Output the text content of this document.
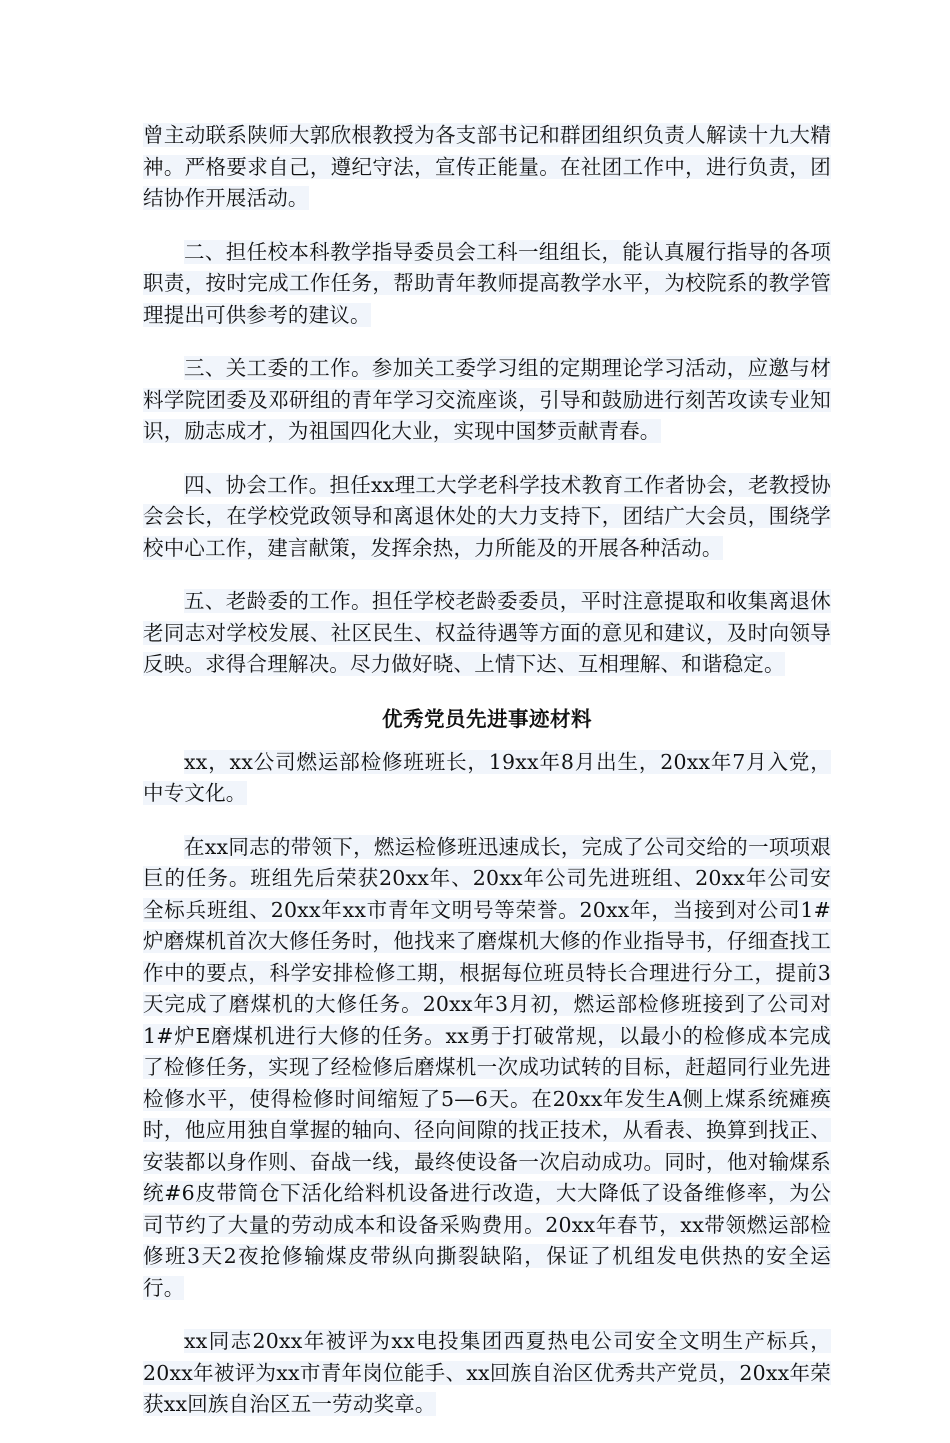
曾主动联系陕师大郭欣根教授为各支部书记和群团组织负责人解读十九大精神。严格要求自己，遵纪守法，宣传正能量。在社团工作中，进行负责，团结协作开展活动。

二、担任校本科教学指导委员会工科一组组长，能认真履行指导的各项职责，按时完成工作任务，帮助青年教师提高教学水平，为校院系的教学管理提出可供参考的建议。

三、关工委的工作。参加关工委学习组的定期理论学习活动，应邀与材料学院团委及邓研组的青年学习交流座谈，引导和鼓励进行刻苦攻读专业知识，励志成才，为祖国四化大业，实现中国梦贡献青春。

四、协会工作。担任xx理工大学老科学技术教育工作者协会，老教授协会会长，在学校党政领导和离退休处的大力支持下，团结广大会员，围绕学校中心工作，建言献策，发挥余热，力所能及的开展各种活动。

五、老龄委的工作。担任学校老龄委委员，平时注意提取和收集离退休老同志对学校发展、社区民生、权益待遇等方面的意见和建议，及时向领导反映。求得合理解决。尽力做好晓、上情下达、互相理解、和谐稳定。

优秀党员先进事迹材料

xx，xx公司燃运部检修班班长，19xx年8月出生，20xx年7月入党，中专文化。

在xx同志的带领下，燃运检修班迅速成长，完成了公司交给的一项项艰巨的任务。班组先后荣获20xx年、20xx年公司先进班组、20xx年公司安全标兵班组、20xx年xx市青年文明号等荣誉。20xx年，当接到对公司1#炉磨煤机首次大修任务时，他找来了磨煤机大修的作业指导书，仔细查找工作中的要点，科学安排检修工期，根据每位班员特长合理进行分工，提前3天完成了磨煤机的大修任务。20xx年3月初，燃运部检修班接到了公司对1#炉E磨煤机进行大修的任务。xx勇于打破常规，以最小的检修成本完成了检修任务，实现了经检修后磨煤机一次成功试转的目标，赶超同行业先进检修水平，使得检修时间缩短了5—6天。在20xx年发生A侧上煤系统瘫痪时，他应用独自掌握的轴向、径向间隙的找正技术，从看表、换算到找正、安装都以身作则、奋战一线，最终使设备一次启动成功。同时，他对输煤系统#6皮带筒仓下活化给料机设备进行改造，大大降低了设备维修率，为公司节约了大量的劳动成本和设备采购费用。20xx年春节，xx带领燃运部检修班3天2夜抢修输煤皮带纵向撕裂缺陷，保证了机组发电供热的安全运行。

xx同志20xx年被评为xx电投集团西夏热电公司安全文明生产标兵，20xx年被评为xx市青年岗位能手、xx回族自治区优秀共产党员，20xx年荣获xx回族自治区五一劳动奖章。
